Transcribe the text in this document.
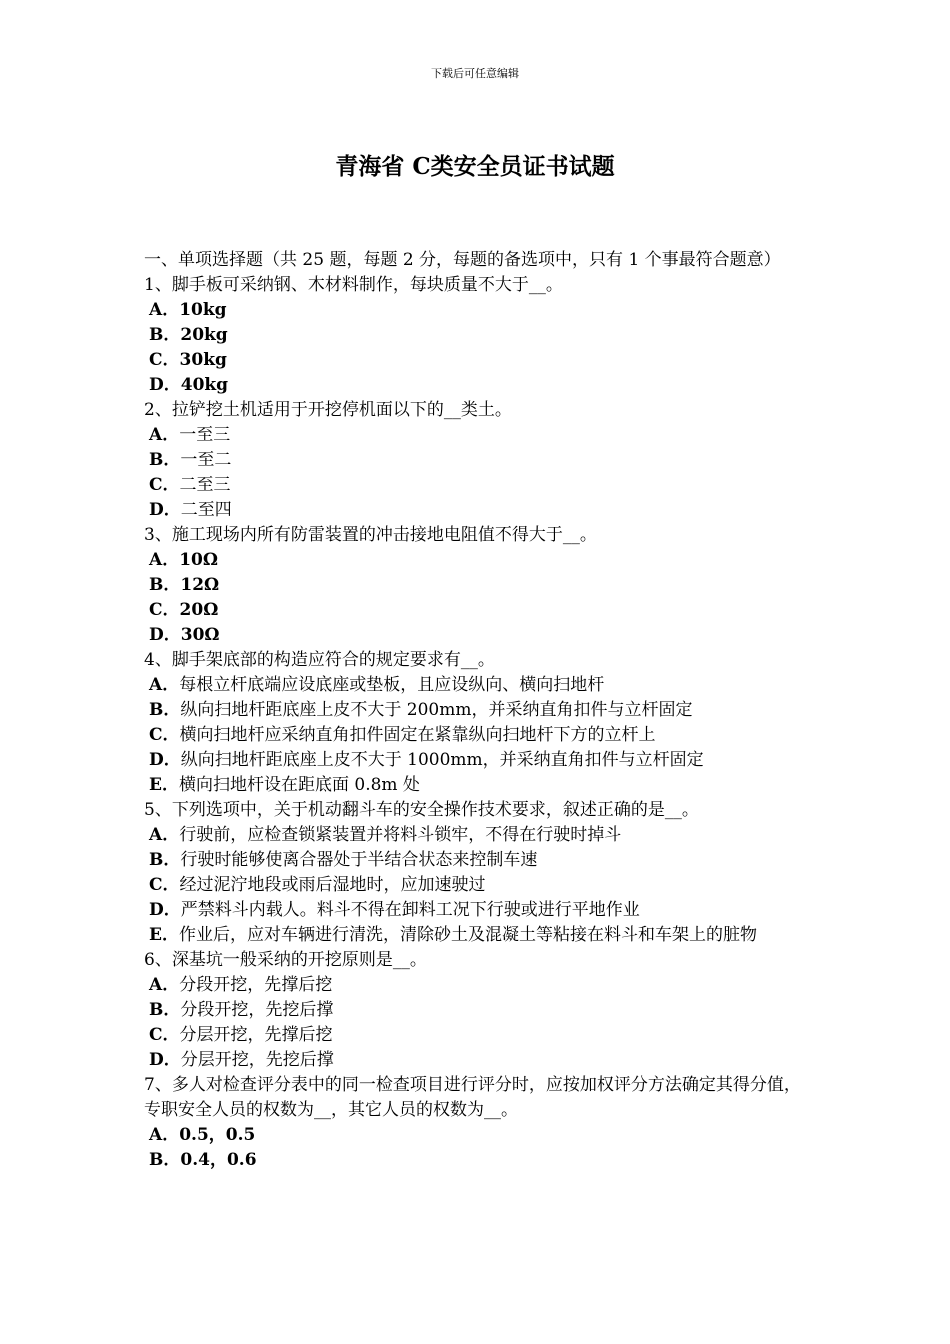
下载后可任意编辑
青海省 C类安全员证书试题

一、单项选择题（共 25 题，每题 2 分，每题的备选项中，只有 1 个事最符合题意）

1、脚手板可采纳钢、木材料制作，每块质量不大于__。

A．10kg

B．20kg

C．30kg

D．40kg

2、拉铲挖土机适用于开挖停机面以下的__类土。

A．一至三

B．一至二

C．二至三

D．二至四

3、施工现场内所有防雷装置的冲击接地电阻值不得大于__。

A．10Ω

B．12Ω

C．20Ω

D．30Ω

4、脚手架底部的构造应符合的规定要求有__。

A．每根立杆底端应设底座或垫板，且应设纵向、横向扫地杆

B．纵向扫地杆距底座上皮不大于 200mm，并采纳直角扣件与立杆固定

C．横向扫地杆应采纳直角扣件固定在紧靠纵向扫地杆下方的立杆上

D．纵向扫地杆距底座上皮不大于 1000mm，并采纳直角扣件与立杆固定

E．横向扫地杆设在距底面 0.8m 处

5、下列选项中，关于机动翻斗车的安全操作技术要求，叙述正确的是__。

A．行驶前，应检查锁紧装置并将料斗锁牢，不得在行驶时掉斗

B．行驶时能够使离合器处于半结合状态来控制车速

C．经过泥泞地段或雨后湿地时，应加速驶过

D．严禁料斗内载人。料斗不得在卸料工况下行驶或进行平地作业

E．作业后，应对车辆进行清洗，清除砂土及混凝土等粘接在料斗和车架上的脏物

6、深基坑一般采纳的开挖原则是__。

A．分段开挖，先撑后挖

B．分段开挖，先挖后撑

C．分层开挖，先撑后挖

D．分层开挖，先挖后撑

7、多人对检查评分表中的同一检查项目进行评分时，应按加权评分方法确定其得分值，专职安全人员的权数为__，其它人员的权数为__。

A．0.5，0.5

B．0.4，0.6
